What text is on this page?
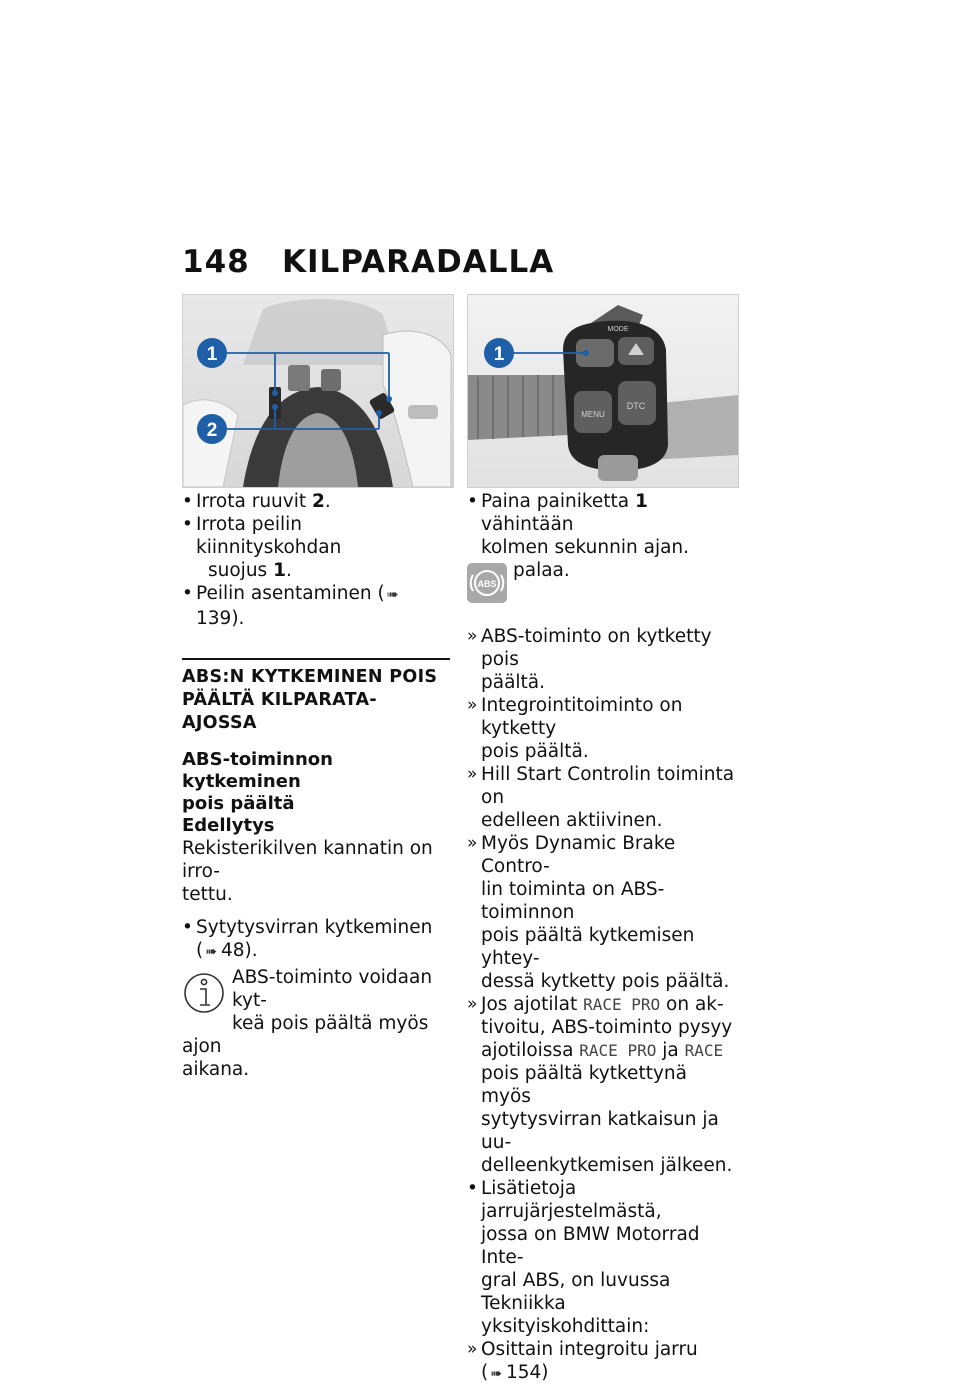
148 KILPARADALLA
1
2
DTC
MENU
MODE
1

• Irrota ruuvit 2.

• Irrota peilin kiinnityskohdan
suojus 1.

• Peilin asentaminen ( ➠139).

ABS:N KYTKEMINEN POIS
PÄÄLTÄ KILPARATA-AJOSSA

ABS-toiminnon kytkeminen
pois päältä

Edellytys

Rekisterikilven kannatin on irro-
tettu.

• Sytytysvirran kytkeminen
( ➠ 48).

ABS-toiminto voidaan kyt-
keä pois päältä myös ajon
aikana.

• Paina painiketta 1 vähintään
kolmen sekunnin ajan.

ABS
palaa.

» ABS-toiminto on kytketty pois
päältä.

» Integrointitoiminto on kytketty
pois päältä.

» Hill Start Controlin toiminta on
edelleen aktiivinen.

» Myös Dynamic Brake Contro-
lin toiminta on ABS-toiminnon
pois päältä kytkemisen yhtey-
dessä kytketty pois päältä.

» Jos ajotilat RACE PRO on ak-
tivoitu, ABS-toiminto pysyy
ajotiloissa RACE PRO ja RACE
pois päältä kytkettynä myös
sytytysvirran katkaisun ja uu-
delleenkytkemisen jälkeen.

• Lisätietoja jarrujärjestelmästä,
jossa on BMW Motorrad Inte-
gral ABS, on luvussa Tekniikka
yksityiskohdittain:

» Osittain integroitu jarru
( ➠ 154)
